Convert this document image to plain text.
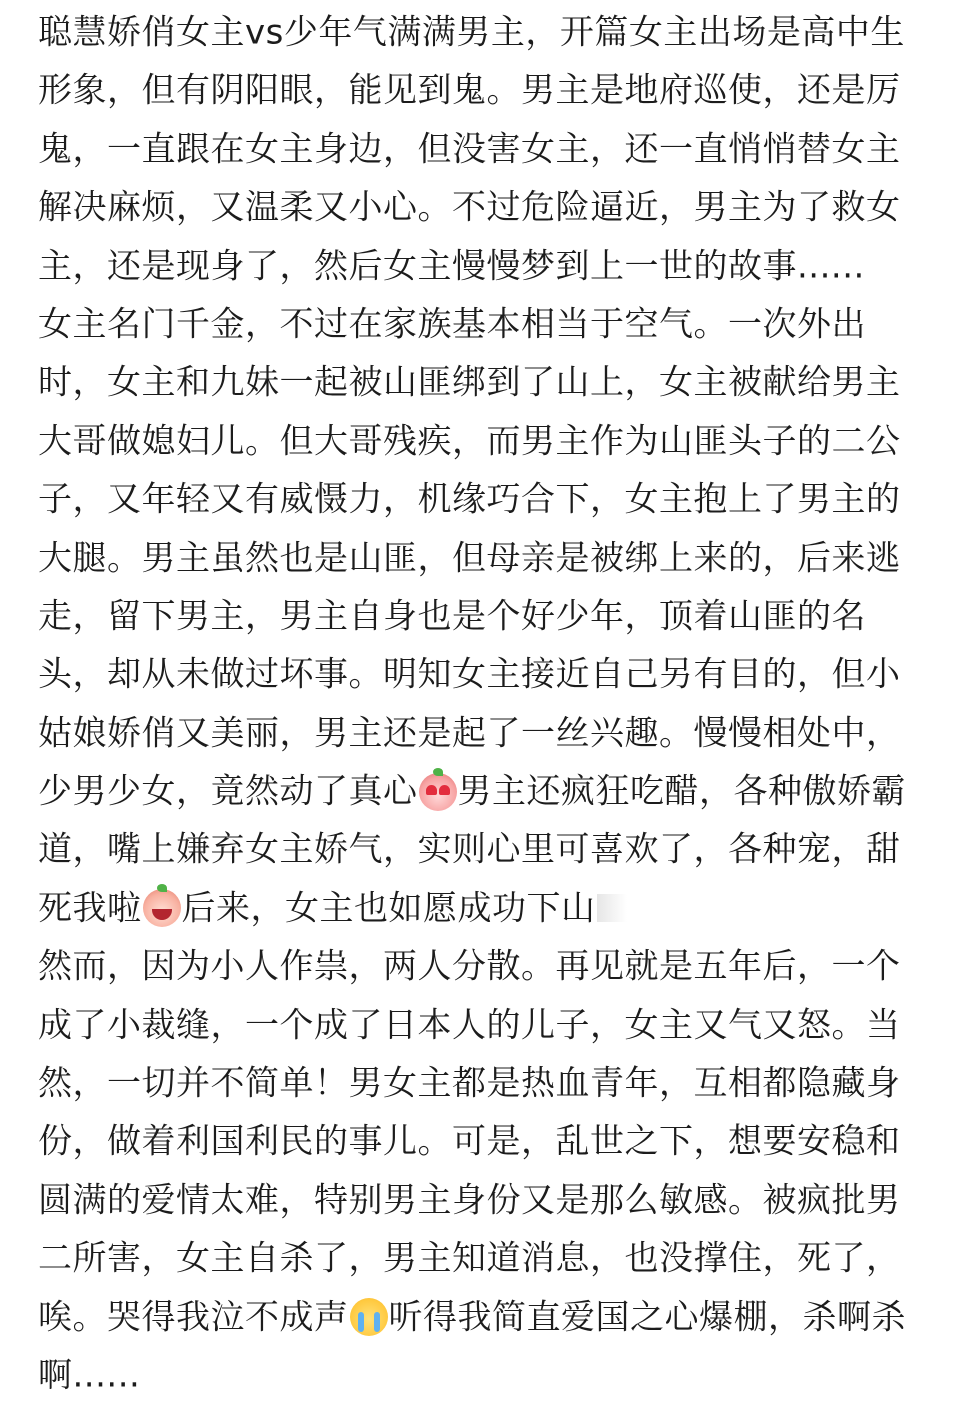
聪慧娇俏女主vs少年气满满男主，开篇女主出场是高中生
形象，但有阴阳眼，能见到鬼。男主是地府巡使，还是厉
鬼，一直跟在女主身边，但没害女主，还一直悄悄替女主
解决麻烦，又温柔又小心。不过危险逼近，男主为了救女
主，还是现身了，然后女主慢慢梦到上一世的故事......
女主名门千金，不过在家族基本相当于空气。一次外出
时，女主和九妹一起被山匪绑到了山上，女主被献给男主
大哥做媳妇儿。但大哥残疾，而男主作为山匪头子的二公
子，又年轻又有威慑力，机缘巧合下，女主抱上了男主的
大腿。男主虽然也是山匪，但母亲是被绑上来的，后来逃
走，留下男主，男主自身也是个好少年，顶着山匪的名
头，却从未做过坏事。明知女主接近自己另有目的，但小
姑娘娇俏又美丽，男主还是起了一丝兴趣。慢慢相处中，
少男少女，竟然动了真心 男主还疯狂吃醋，各种傲娇霸
道，嘴上嫌弃女主娇气，实则心里可喜欢了，各种宠，甜
死我啦 后来，女主也如愿成功下山
然而，因为小人作祟，两人分散。再见就是五年后，一个
成了小裁缝，一个成了日本人的儿子，女主又气又怒。当
然，一切并不简单！男女主都是热血青年，互相都隐藏身
份，做着利国利民的事儿。可是，乱世之下，想要安稳和
圆满的爱情太难，特别男主身份又是那么敏感。被疯批男
二所害，女主自杀了，男主知道消息，也没撑住，死了，
唉。哭得我泣不成声 听得我简直爱国之心爆棚，杀啊杀
啊......
